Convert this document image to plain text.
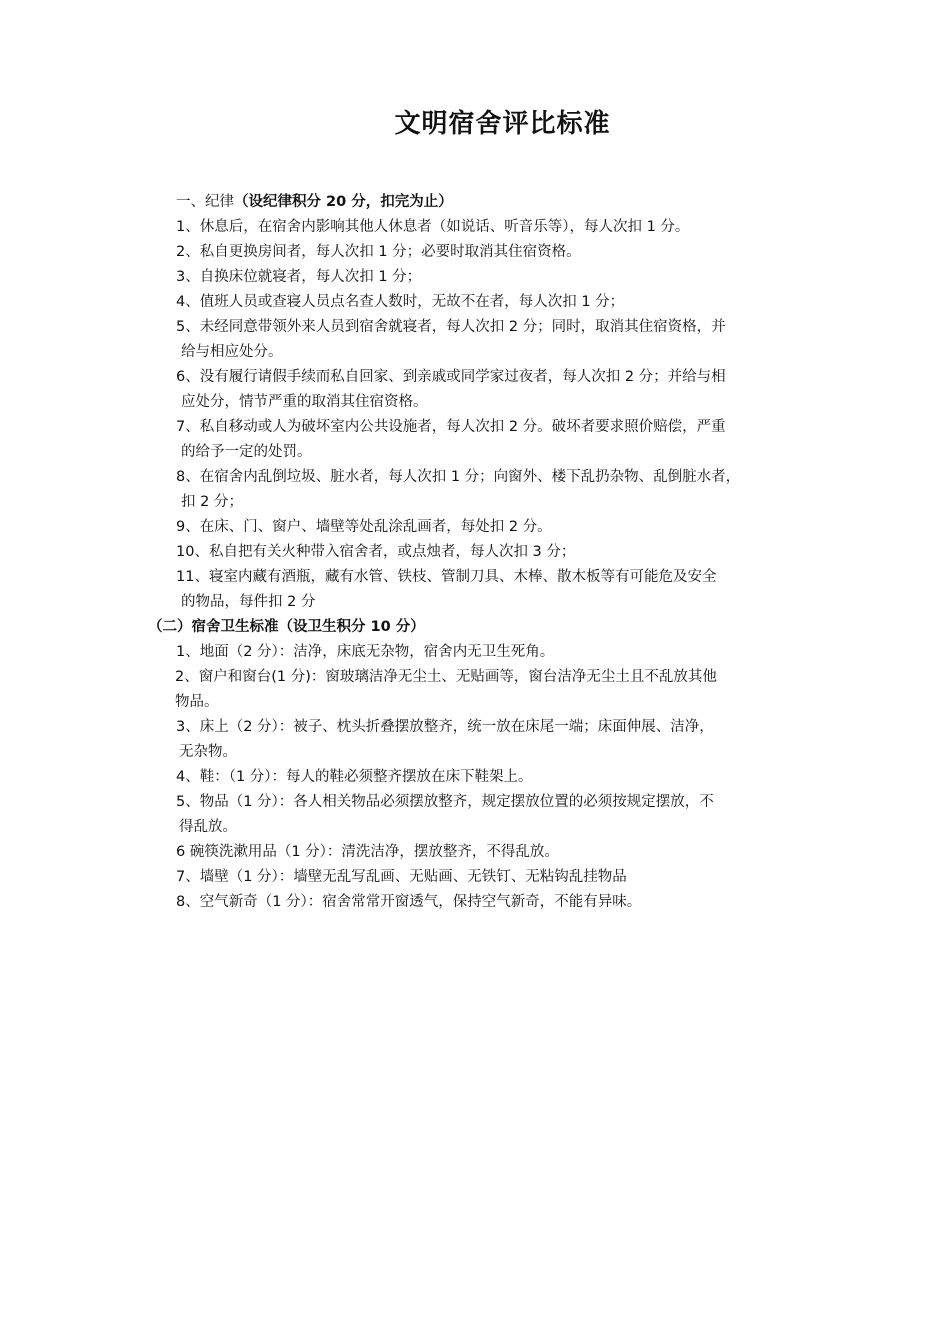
文明宿舍评比标准
一、纪律（设纪律积分 20 分，扣完为止）
1、休息后，在宿舍内影响其他人休息者（如说话、听音乐等），每人次扣 1 分。
2、私自更换房间者，每人次扣 1 分；必要时取消其住宿资格。
3、自换床位就寝者，每人次扣 1 分；
4、值班人员或查寝人员点名查人数时，无故不在者，每人次扣 1 分；
5、未经同意带领外来人员到宿舍就寝者，每人次扣 2 分；同时，取消其住宿资格，并
给与相应处分。
6、没有履行请假手续而私自回家、到亲戚或同学家过夜者，每人次扣 2 分；并给与相
应处分，情节严重的取消其住宿资格。
7、私自移动或人为破坏室内公共设施者，每人次扣 2 分。破坏者要求照价赔偿，严重
的给予一定的处罚。
8、在宿舍内乱倒垃圾、脏水者，每人次扣 1 分；向窗外、楼下乱扔杂物、乱倒脏水者，
扣 2 分；
9、在床、门、窗户、墙壁等处乱涂乱画者，每处扣 2 分。
10、私自把有关火种带入宿舍者，或点烛者，每人次扣 3 分；
11、寝室内藏有酒瓶，藏有水管、铁枝、管制刀具、木棒、散木板等有可能危及安全
的物品，每件扣 2 分
（二）宿舍卫生标准（设卫生积分 10 分）
1、地面（2 分）：洁净，床底无杂物，宿舍内无卫生死角。
2、窗户和窗台(1 分)：窗玻璃洁净无尘土、无贴画等，窗台洁净无尘土且不乱放其他
物品。
3、床上（2 分）：被子、枕头折叠摆放整齐，统一放在床尾一端；床面伸展、洁净，
无杂物。
4、鞋：（1 分）：每人的鞋必须整齐摆放在床下鞋架上。
5、物品（1 分）：各人相关物品必须摆放整齐，规定摆放位置的必须按规定摆放，不
得乱放。
6 碗筷洗漱用品（1 分）：清洗洁净，摆放整齐，不得乱放。
7、墙壁（1 分）：墙壁无乱写乱画、无贴画、无铁钉、无粘钩乱挂物品
8、空气新奇（1 分）：宿舍常常开窗透气，保持空气新奇，不能有异味。
